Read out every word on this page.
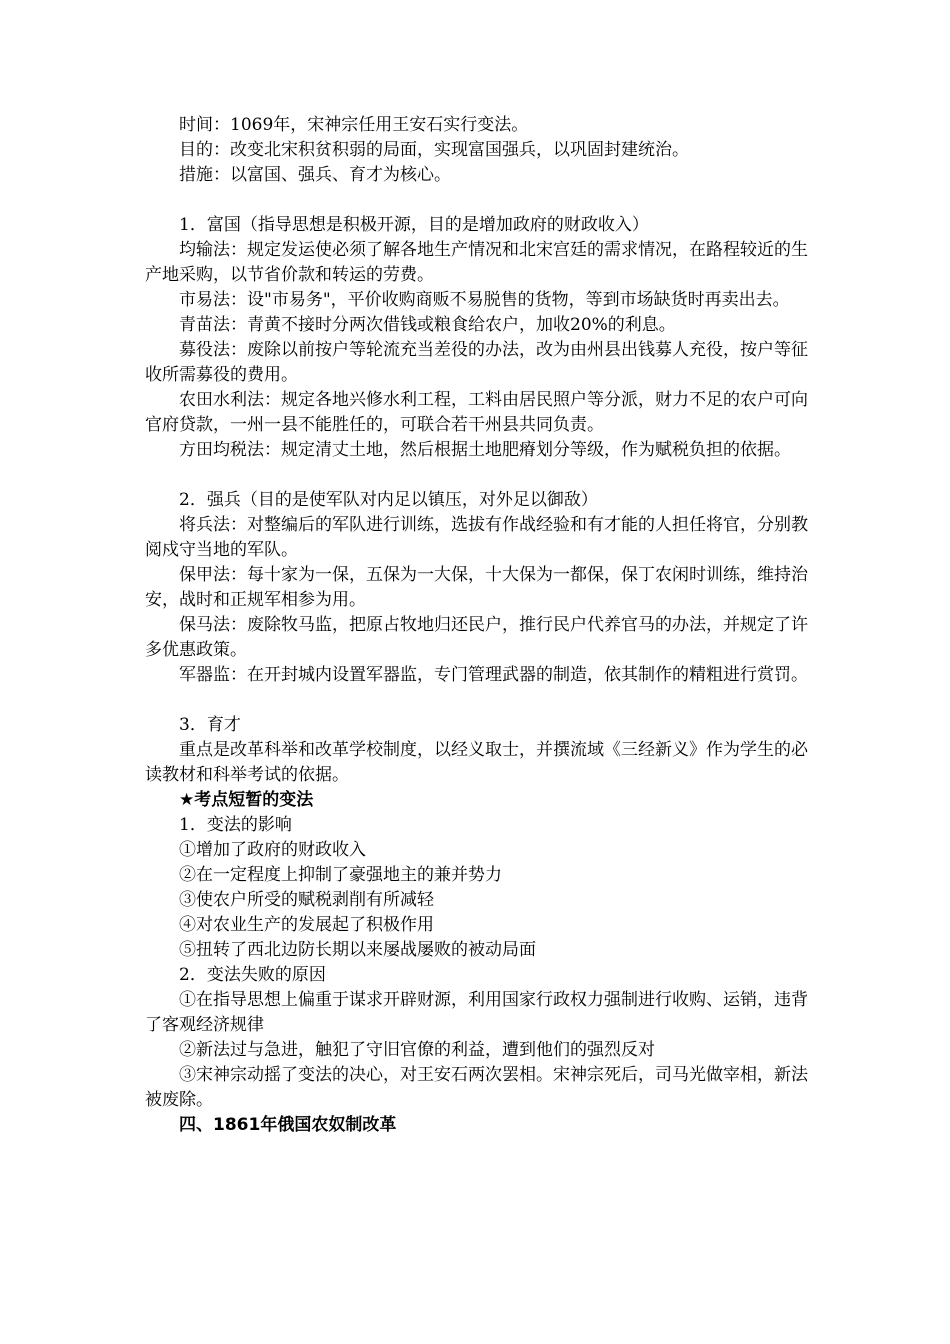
时间：1069年，宋神宗任用王安石实行变法。

目的：改变北宋积贫积弱的局面，实现富国强兵，以巩固封建统治。

措施：以富国、强兵、育才为核心。

1．富国（指导思想是积极开源，目的是增加政府的财政收入）

均输法：规定发运使必须了解各地生产情况和北宋宫廷的需求情况，在路程较近的生产地采购，以节省价款和转运的劳费。

市易法：设"市易务"，平价收购商贩不易脱售的货物，等到市场缺货时再卖出去。

青苗法：青黄不接时分两次借钱或粮食给农户，加收20%的利息。

募役法：废除以前按户等轮流充当差役的办法，改为由州县出钱募人充役，按户等征收所需募役的费用。

农田水利法：规定各地兴修水利工程，工料由居民照户等分派，财力不足的农户可向官府贷款，一州一县不能胜任的，可联合若干州县共同负责。

方田均税法：规定清丈土地，然后根据土地肥瘠划分等级，作为赋税负担的依据。

2．强兵（目的是使军队对内足以镇压，对外足以御敌）

将兵法：对整编后的军队进行训练，选拔有作战经验和有才能的人担任将官，分别教阅戍守当地的军队。

保甲法：每十家为一保，五保为一大保，十大保为一都保，保丁农闲时训练，维持治安，战时和正规军相参为用。

保马法：废除牧马监，把原占牧地归还民户，推行民户代养官马的办法，并规定了许多优惠政策。

军器监：在开封城内设置军器监，专门管理武器的制造，依其制作的精粗进行赏罚。

3．育才

重点是改革科举和改革学校制度，以经义取士，并撰流域《三经新义》作为学生的必读教材和科举考试的依据。

★考点短暂的变法

1．变法的影响

①增加了政府的财政收入

②在一定程度上抑制了豪强地主的兼并势力

③使农户所受的赋税剥削有所减轻

④对农业生产的发展起了积极作用

⑤扭转了西北边防长期以来屡战屡败的被动局面

2．变法失败的原因

①在指导思想上偏重于谋求开辟财源，利用国家行政权力强制进行收购、运销，违背了客观经济规律

②新法过与急进，触犯了守旧官僚的利益，遭到他们的强烈反对

③宋神宗动摇了变法的决心，对王安石两次罢相。宋神宗死后，司马光做宰相，新法被废除。

四、1861年俄国农奴制改革
